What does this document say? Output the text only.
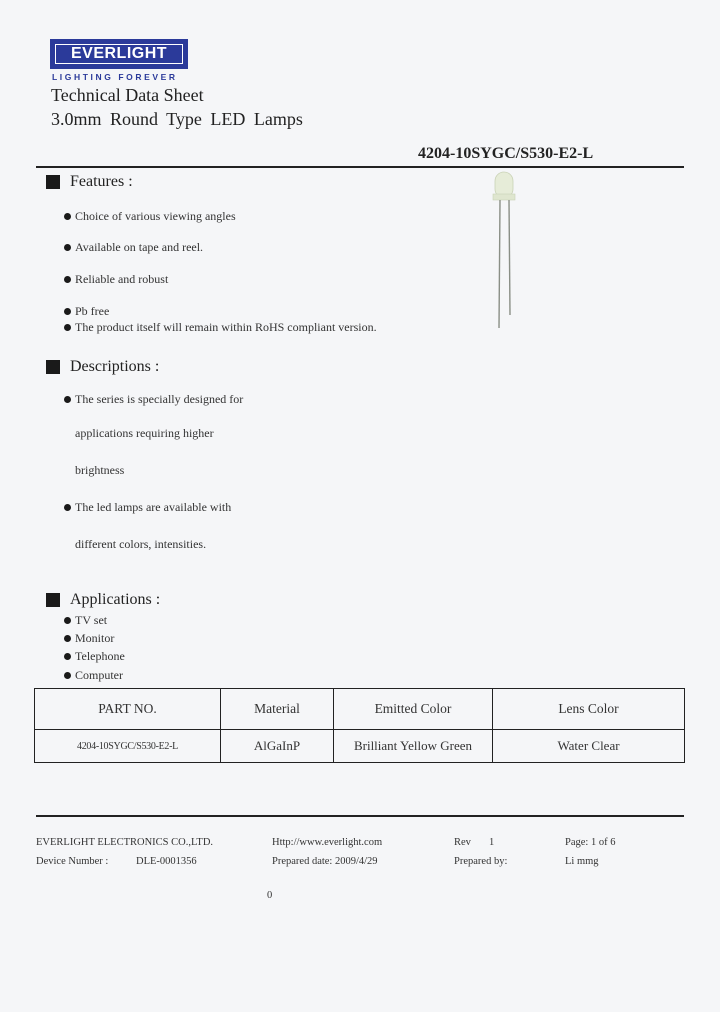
EVERLIGHT
LIGHTING FOREVER
Technical Data Sheet
3.0mm Round Type LED Lamps
4204-10SYGC/S530-E2-L
Features :
Choice of various viewing angles
Available on tape and reel.
Reliable and robust
Pb free
The product itself will remain within RoHS compliant version.
Descriptions :
The series is specially designed for
applications requiring higher
brightness
The led lamps are available with
different colors, intensities.
Applications :
TV set
Monitor
Telephone
Computer
PART NO.	Material	Emitted Color	Lens Color
4204-10SYGC/S530-E2-L	AlGaInP	Brilliant Yellow Green	Water Clear
EVERLIGHT ELECTRONICS CO.,LTD.	Http://www.everlight.com	Rev 1	Page: 1 of 6
Device Number :	DLE-0001356	Prepared date: 2009/4/29	Prepared by:	Li mmg
0
